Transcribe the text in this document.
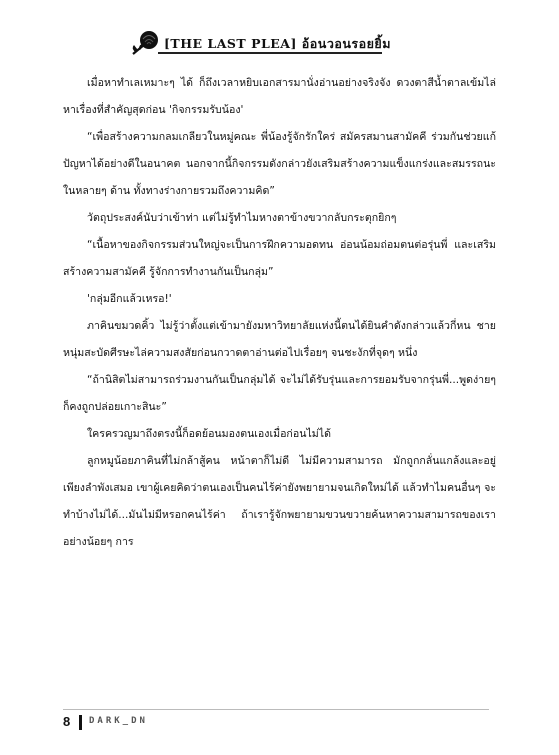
[THE LAST PLEA] อ้อนวอนรอยยิ้ม

เมื่อหาทำเลเหมาะๆ ได้ ก็ถึงเวลาหยิบเอกสารมานั่งอ่านอย่างจริงจัง ดวงตาสีน้ำตาลเข้มไล่หาเรื่องที่สำคัญสุดก่อน 'กิจกรรมรับน้อง'

“เพื่อสร้างความกลมเกลียวในหมู่คณะ พี่น้องรู้จักรักใคร่ สมัครสมานสามัคคี ร่วมกันช่วยแก้ปัญหาได้อย่างดีในอนาคต นอกจากนี้กิจกรรมดังกล่าวยังเสริมสร้างความแข็งแกร่งและสมรรถนะในหลายๆ ด้าน ทั้งทางร่างกายรวมถึงความคิด”

วัตถุประสงค์นับว่าเข้าท่า แต่ไม่รู้ทำไมหางตาข้างขวากลับกระตุกยิกๆ

“เนื้อหาของกิจกรรมส่วนใหญ่จะเป็นการฝึกความอดทน อ่อนน้อมถ่อมตนต่อรุ่นพี่ และเสริมสร้างความสามัคคี รู้จักการทำงานกันเป็นกลุ่ม”

'กลุ่มอีกแล้วเหรอ!'

ภาคินขมวดคิ้ว ไม่รู้ว่าตั้งแต่เข้ามายังมหาวิทยาลัยแห่งนี้ตนได้ยินคำดังกล่าวแล้วกี่หน ชายหนุ่มสะบัดศีรษะไล่ความสงสัยก่อนกวาดตาอ่านต่อไปเรื่อยๆ จนชะงักที่จุดๆ หนึ่ง

“ถ้านิสิตไม่สามารถร่วมงานกันเป็นกลุ่มได้ จะไม่ได้รับรุ่นและการยอมรับจากรุ่นพี่...พูดง่ายๆ ก็คงถูกปล่อยเกาะสินะ”

ใครครวญมาถึงตรงนี้ก็อดย้อนมองตนเองเมื่อก่อนไม่ได้

ลูกหมูน้อยภาคินที่ไม่กล้าสู้คน หน้าตาก็ไม่ดี ไม่มีความสามารถ มักถูกกลั่นแกล้งและอยู่เพียงลำพังเสมอ เขาผู้เคยคิดว่าตนเองเป็นคนไร้ค่ายังพยายามจนเกิดใหม่ได้ แล้วทำไมคนอื่นๆ จะทำบ้างไม่ได้...มันไม่มีหรอกคนไร้ค่า ถ้าเรารู้จักพยายามขวนขวายค้นหาความสามารถของเรา อย่างน้อยๆ การ

8 DARK_DN
